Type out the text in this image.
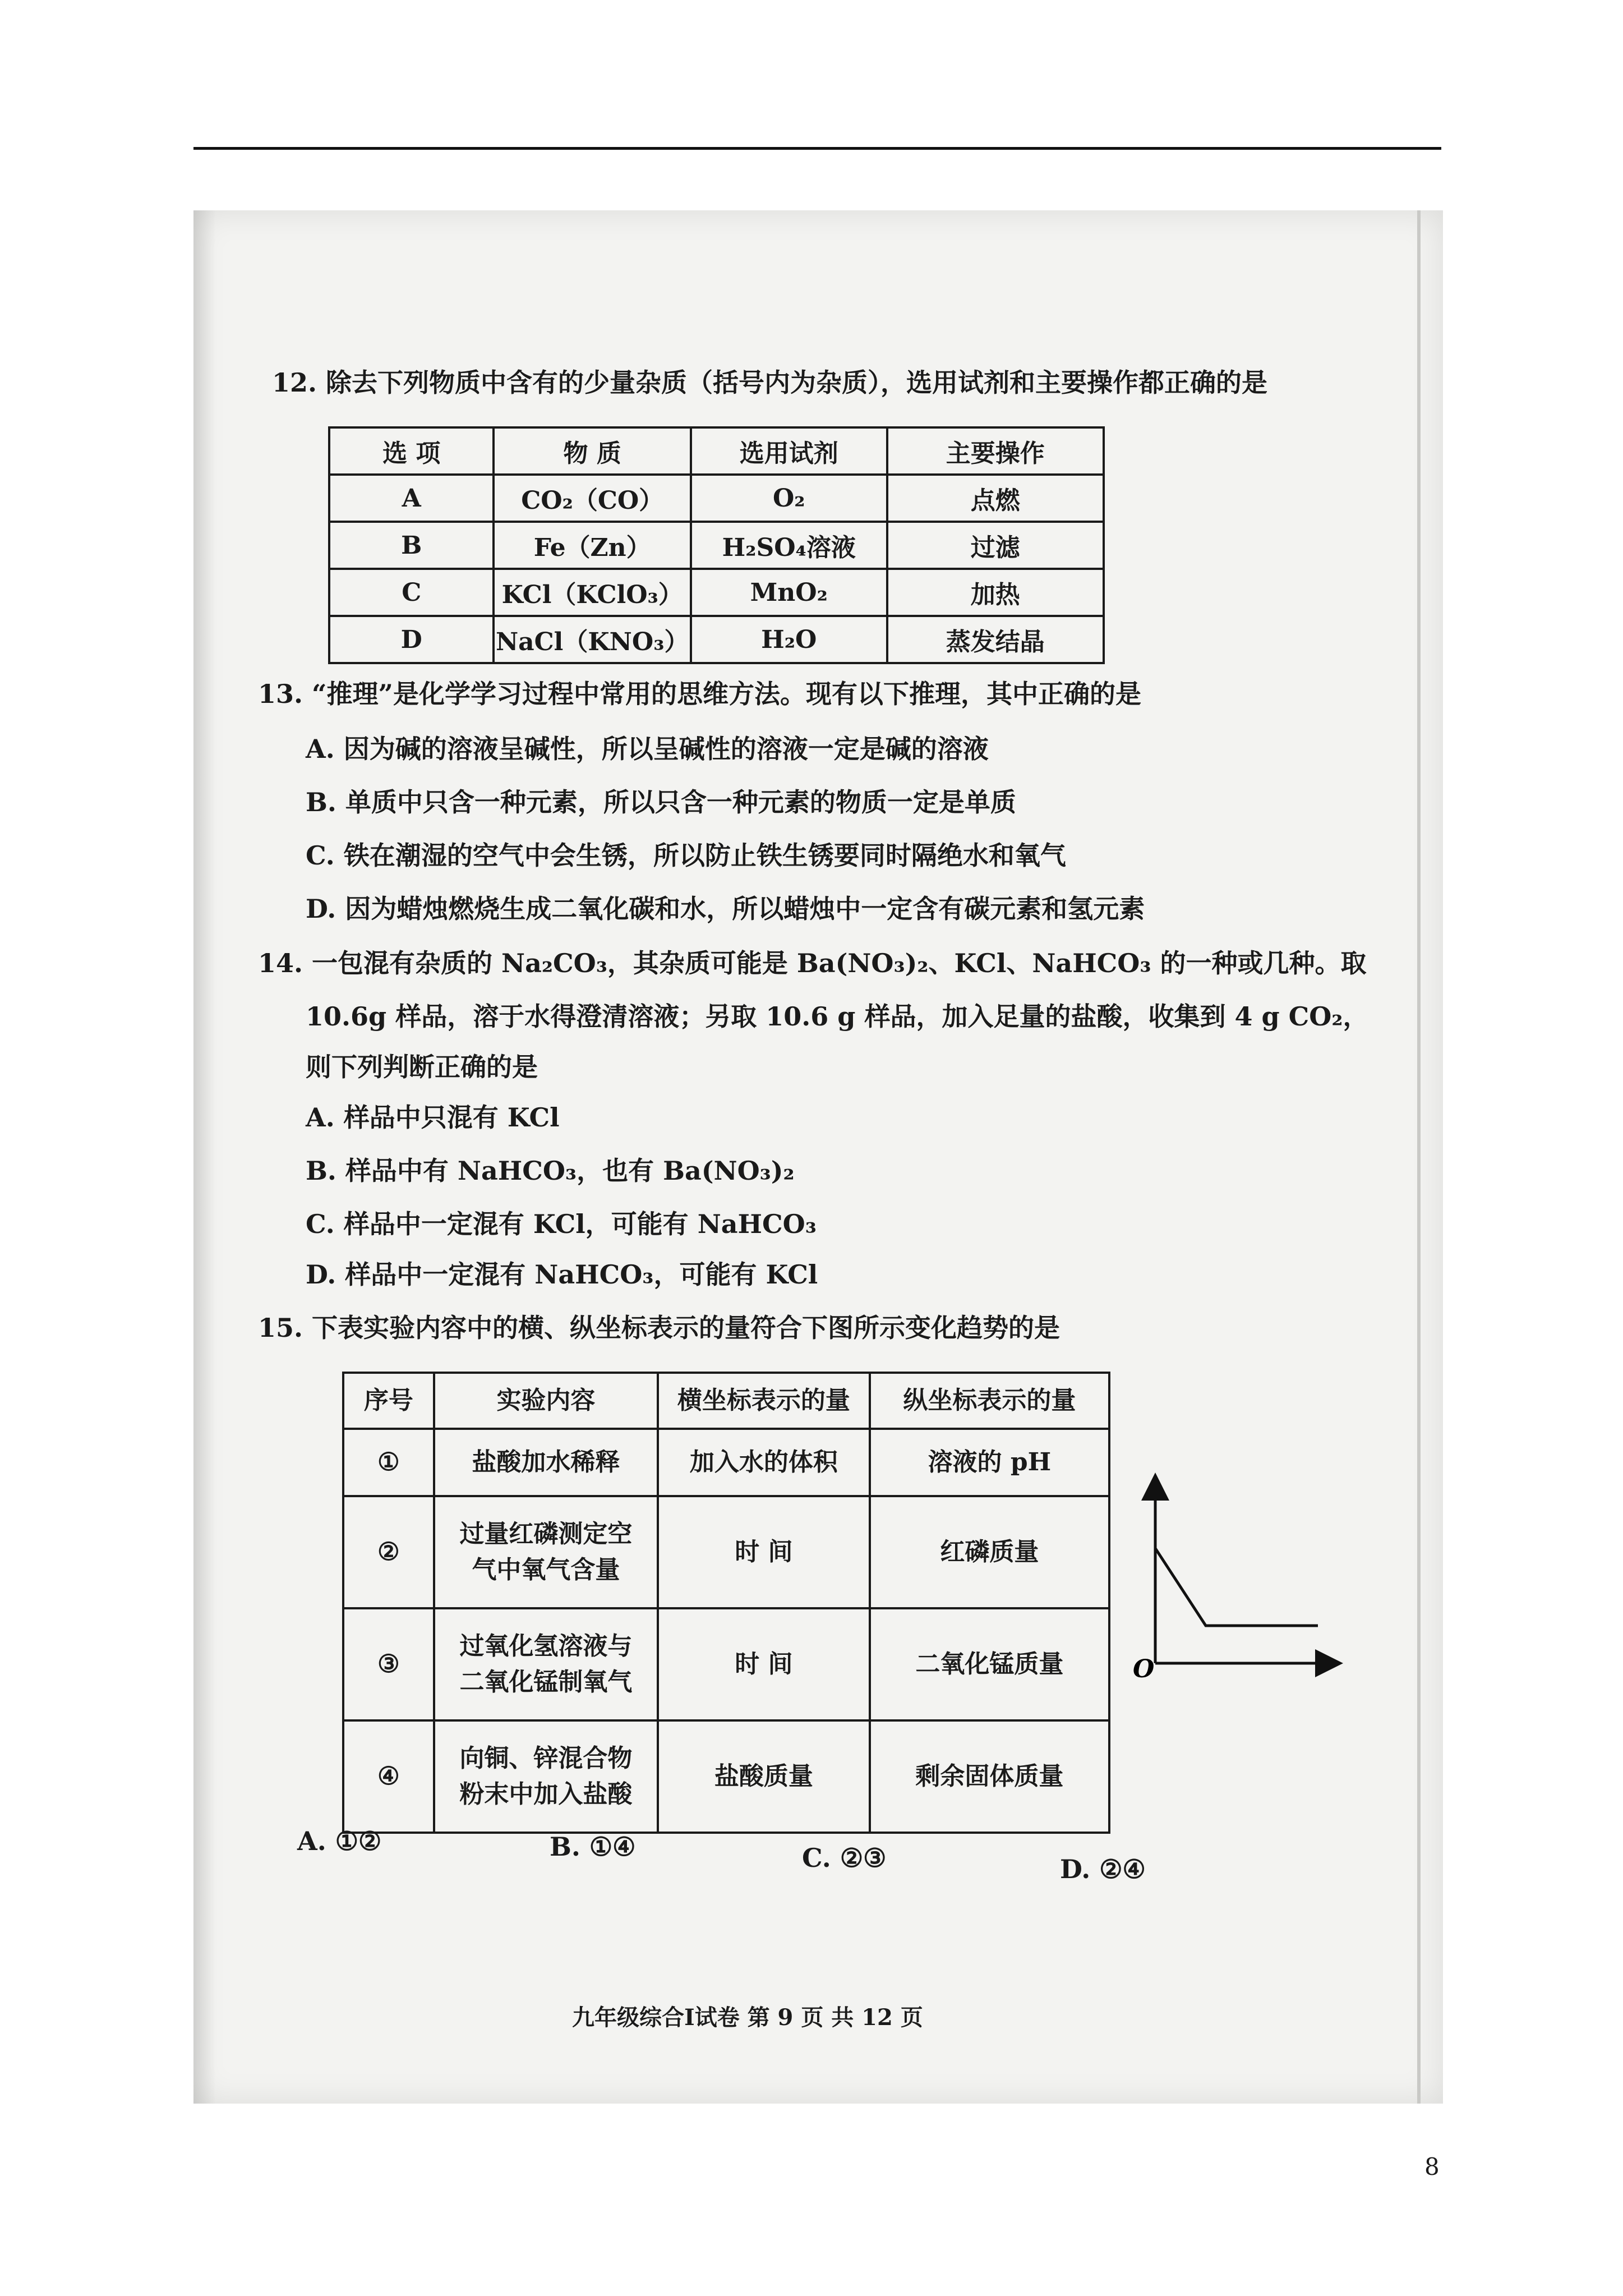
12. 除去下列物质中含有的少量杂质（括号内为杂质），选用试剂和主要操作都正确的是
选 项	物 质	选用试剂	主要操作
A	CO₂（CO）	O₂	点燃
B	Fe（Zn）	H₂SO₄溶液	过滤
C	KCl（KClO₃）	MnO₂	加热
D	NaCl（KNO₃）	H₂O	蒸发结晶
13. “推理”是化学学习过程中常用的思维方法。现有以下推理，其中正确的是
A. 因为碱的溶液呈碱性，所以呈碱性的溶液一定是碱的溶液
B. 单质中只含一种元素，所以只含一种元素的物质一定是单质
C. 铁在潮湿的空气中会生锈，所以防止铁生锈要同时隔绝水和氧气
D. 因为蜡烛燃烧生成二氧化碳和水，所以蜡烛中一定含有碳元素和氢元素
14. 一包混有杂质的 Na₂CO₃，其杂质可能是 Ba(NO₃)₂、KCl、NaHCO₃ 的一种或几种。取
10.6g 样品，溶于水得澄清溶液；另取 10.6 g 样品，加入足量的盐酸，收集到 4 g CO₂，
则下列判断正确的是
A. 样品中只混有 KCl
B. 样品中有 NaHCO₃，也有 Ba(NO₃)₂
C. 样品中一定混有 KCl，可能有 NaHCO₃
D. 样品中一定混有 NaHCO₃，可能有 KCl
15. 下表实验内容中的横、纵坐标表示的量符合下图所示变化趋势的是
序号	实验内容	横坐标表示的量	纵坐标表示的量
①	盐酸加水稀释	加入水的体积	溶液的 pH
②	过量红磷测定空气中氧气含量	时 间	红磷质量
③	过氧化氢溶液与二氧化锰制氧气	时 间	二氧化锰质量
④	向铜、锌混合物粉末中加入盐酸	盐酸质量	剩余固体质量
O
A. ①②	B. ①④	C. ②③	D. ②④
九年级综合Ⅰ试卷 第 9 页 共 12 页
8
